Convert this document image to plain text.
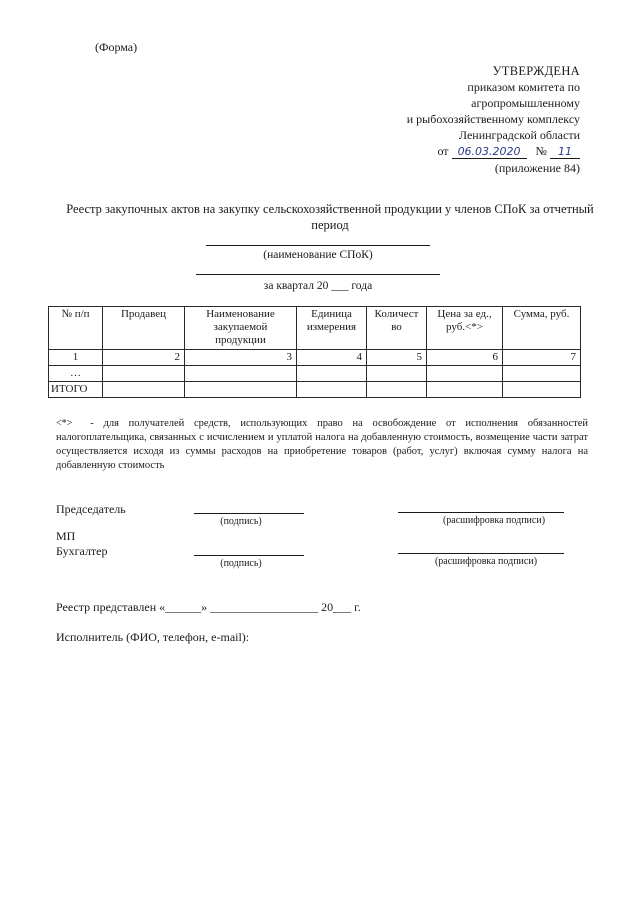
(Форма)
УТВЕРЖДЕНА
приказом комитета по
агропромышленному
и рыбохозяйственному комплексу
Ленинградской области
от 06.03.2020 № 11
(приложение 84)
Реестр закупочных актов на закупку сельскохозяйственной продукции у членов СПоК за отчетный период
(наименование СПоК)
за квартал 20 ___ года
№ п/п	Продавец	Наименование закупаемой продукции	Единица измерения	Количест во	Цена за ед., руб.<*>	Сумма, руб.
1	2	3	4	5	6	7
…						
ИТОГО						
<*> - для получателей средств, использующих право на освобождение от исполнения обязанностей налогоплательщика, связанных с исчислением и уплатой налога на добавленную стоимость, возмещение части затрат осуществляется исходя из суммы расходов на приобретение товаров (работ, услуг) включая сумму налога на добавленную стоимость
Председатель
(подпись)	(расшифровка подписи)
МП
Бухгалтер
(подпись)	(расшифровка подписи)
Реестр представлен «______» __________________ 20___ г.
Исполнитель (ФИО, телефон, e-mail):
